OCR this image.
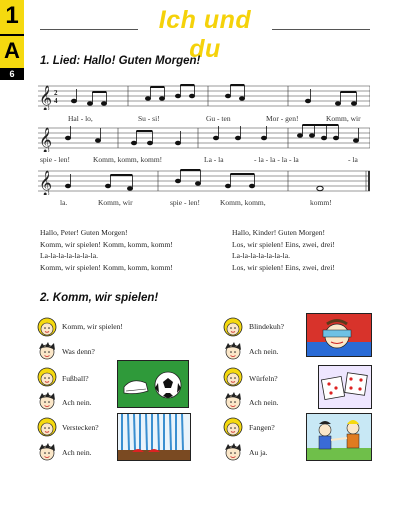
1
A
6
Ich und du
1. Lied: Hallo! Guten Morgen!
𝄞 2
4
Hal - lo,	Su - si!	Gu - ten	Mor - gen!	Komm, wir
𝄞
spie - len!	Komm, komm, komm!	La - la	- la - la - la - la	- la
𝄞
la.	Komm, wir	spie - len!	Komm, komm,	komm!
Hallo, Peter! Guten Morgen!
Komm, wir spielen! Komm, komm, komm!
La-la-la-la-la-la-la.
Komm, wir spielen! Komm, komm, komm!
Hallo, Kinder! Guten Morgen!
Los, wir spielen! Eins, zwei, drei!
La-la-la-la-la-la-la.
Los, wir spielen! Eins, zwei, drei!
2. Komm, wir spielen!
Komm, wir spielen!
Was denn?
Fußball?
Ach nein.
Verstecken?
Ach nein.
Blindekuh?
Ach nein.
Würfeln?
Ach nein.
Fangen?
Au ja.
